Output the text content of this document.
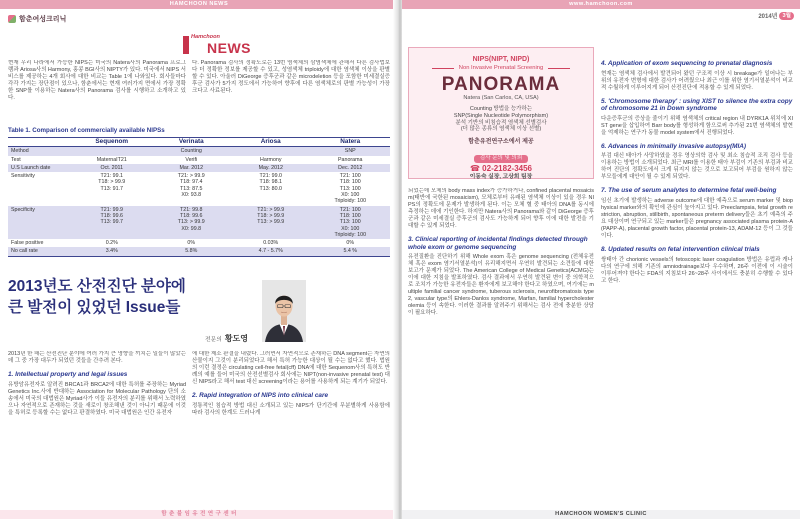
HAMCHOON NEWS
함춘여성크리닉
Hamchoon
NEWS

현재 우리 나라에서 가능한 NIPS는 미국의 Natera사의 Panorama 프로그램과 Ariosa사의 Harmony, 홍콩 BGI사의 NIPTY가 있다. 미국에서 NIPS 서비스를 제공하는 4개 회사에 대한 비교는 Table 1에 나와있다. 회사들마다 각각 가지는 장단점이 있으나, 함춘에서는 현재 여러가지 면에서 가장 정확한 SNP를 이용하는 Natera사의 Panorama 검사를 시행하고 소개하고 있다.

다. Panorama 검사의 정확도로는 13번 염색체의 삼염색체에 관해서 다른 검사법보다 더 정확한 정보를 제공할 수 있고, 성염색체 triploidy에 대한 염색체 이상을 판별할 수 있다. 아울러 DiGeorge 증후군과 같은 microdeletion 등을 포함한 미세결실증후군 검사가 5가지 정도에서 가능하여 향후에 다른 염색체로의 판별 가능성이 가장 크다고 사료된다.

Table 1. Comparison of commercially available NIPSs
	Sequenom	Verinata	Ariosa	Natera
Method	Counting			SNP
Test	MaternaIT21	Verifi	Harmony	Panorama
U.S Launch date	Oct. 2011	Mar. 2012	May. 2012	Dec. 2012
Sensitivity	T21: 99.1
T18: > 99.9
T13: 91.7	T21: > 99.9
T18: 97.4
T13: 87.5
X0: 93.8	T21: 99.0
T18: 98.1
T13: 80.0	T21: 100
T18: 100
T13: 100
X0: 100
Triploidy: 100
Specificity	T21: 99.9
T18: 99.6
T13: 99.7	T21: 99.8
T18: 99.6
T13: > 99.9
X0: 99.8	T21: > 99.9
T18: > 99.9
T13: > 99.9	T21: 100
T18: 100
T13: 100
X0: 100
Triploidy: 100
False positive	0.2%	0%	0.03%	0%
No call rate	3.4%	5.8%	4.7 - 5.7%	5.4 %
2013년도 산전진단 분야에
큰 발전이 있었던 Issue들
전문의 황도영

2013년 한 해는 산전진단 분야에 여러 가지 큰 영향을 끼치는 일들이 많았는데 그 중 가장 대두가 되었던 것들을 간추려 본다.

1. Intellectual property and legal issues

유방암유전자로 알려진 BRCA1과 BRCA2에 대한 특허를 주장하는 Myriad Genetics Inc.사에 반대하는 Association for Molecular Pathology 단의 소송에서 미국의 대법원은 Myriad사가 이들 유전자의 분리를 위해서 노력하였으나 자연적으로 존재하는 것을 새로이 창조해낸 것이 아니기 때문에 이것을 특허로 등록할 수는 없다고 판결하였다. 미국 대법원은 인간 유전자

에 대한 제소 판결을 내렸다. 그러면서 자연적으로 존재하는 DNA segment는 자연의 산물이지 그것이 분리되었다고 해서 특허 가능한 대상이 될 수는 없다고 했다. 법원의 이런 결정은 circulating cell-free fetal(cff) DNA에 대한 Sequenom사의 특허도 반례의 예를 들어 미국의 산전선별검사 회사에는 NIPT(non-invasive prenatal test) 대신 NIPS라고 해서 test 대신 screening이라는 용어를 사용하게 되는 계기가 되었다.

2. Rapid integration of NIPS into clinical care

정통적인 침습적 방법 대신 소개되고 있는 NIPS가 단기간에 무분별하게 사용함에 따라 검사의 한계도 드러나게

함 춘 불 임 유 전 연 구 센 터
www.hamchoon.com
2014년 3월
NIPS(NIPT, NIPD)
Non Invasive Prenatal Screening
PANORAMA
Natera (San Carlos, CA, USA)
Counting 방법을 능가하는
SNP(Single Nucleotide Polymorphism)
분석 기반의 비침습적 염색체 선별검사
(더 많은 종류의 염색체 이상 선별)
함춘유전연구소에서 제공
검사 문의 및 의뢰
☎ 02-2182-3456
이동숙 실장, 고상희 팀장

되었는데 모체의 body mass index가 증가하거나, confined placental mosaicism(태반에 국한된 mosaicism), 모체로부터 유래된 염색체 이상이 있을 경우 NIPS의 정확도에 문제가 발생하게 된다. 이는 모체 혈 중 태아의 DNA를 동시에 측정하는 데에 기인한다. 하지만 Natera사의 Panorama와 같이 DiGeorge 증후군과 같은 미세결실 증후군의 검사도 가능하게 되어 향후 이에 대한 발전을 기대할 수 있게 되었다.

3. Clinical reporting of incidental findings detected through whole exom or genome sequencing

유전질환을 진단하기 위해 Whole exom 혹은 genome sequencing (전체유전체 혹은 exom 염기서열분석)이 유리해지면서 우연히 발견되는 소견들에 대한 보고가 문제가 되었다. The American College of Medical Genetics(ACMG)는 이에 대한 지침을 발표하였다. 검사 결과에서 우연히 발견된 변이 중 의학적으로 조치가 가능한 유전자들은 환자에게 보고해야 한다고 하였으며, 여기에는 multiple familial cancer syndrome, tuberous sclerosis, neurofibromatosis type 2, vascular type의 Ehlers-Danlos syndrome, Marfan, familial hypercholesterolemia 등이 속한다. 이러한 결과를 알려주기 위해서는 검사 전에 충분한 상담이 필요하다.

4. Application of exom sequencing to prenatal diagnosis

현재는 염색체 검사에서 발견되어 왔던 구조적 이상 시 breakage가 일어나는 부위의 유전자 변형에 대한 검사가 어려웠으나 최근 이를 위한 염기서열분석이 비교적 수월하게 이루어지게 되어 산전진단에 적용할 수 있게 되었다.

5. 'Chromosome therapy' : using XIST to silence the extra copy of chromosome 21 in Down syndrome

다운증후군의 증상을 줄이기 위해 염색체의 critical region 내 DYRK1A 위치에 XIST gene을 삽입하여 Barr body를 형성하게 함으로써 추가된 21번 염색체의 발현을 억제하는 연구가 동물 model system에서 진행되었다.

6. Advances in minimally invasive autopsy(MIA)

부검 대신 태아가 사망하였을 경우 영상의학 검사 및 최소 침습적 조직 검사 등을 이용하는 방법이 소개되었다. 최근 MRI를 이용한 태아 부검이 기존의 부검과 비교하여 진단의 정확도에서 크게 뒤지지 않는 것으로 보고되어 부검을 원하지 않는 부모들에게 대안이 될 수 있게 되었다.

7. The use of serum analytes to determine fetal well-being

임신 초기에 발생하는 adverse outcome에 대한 예측으로 serum marker 및 biophysical marker와의 확인에 관심이 높아지고 있다. Preeclampsia, fetal growth restriction, abruption, stillbirth, spontaneous preterm delivery들은 초기 예측의 주요 대상이며 연구되고 있는 marker들은 pregnancy associated plasma protein-A (PAPP-A), placental growth factor, placental protein-13, ADAM-12 등이 그 것들이다.

8. Updated results on fetal intervention clinical trials

쌍태아 간 chorionic vessels의 fetoscopic laser coagulation 방법은 유럽과 캐나다의 연구에 의해 기존의 amniodrainage보다 우수하며, 26주 이전에 이 시술이 이루어져야 한다는 FDA의 지침보다 26~28주 사이에서도 충분히 수행할 수 있다고 한다.

HAMCHOON WOMEN'S CLINIC
